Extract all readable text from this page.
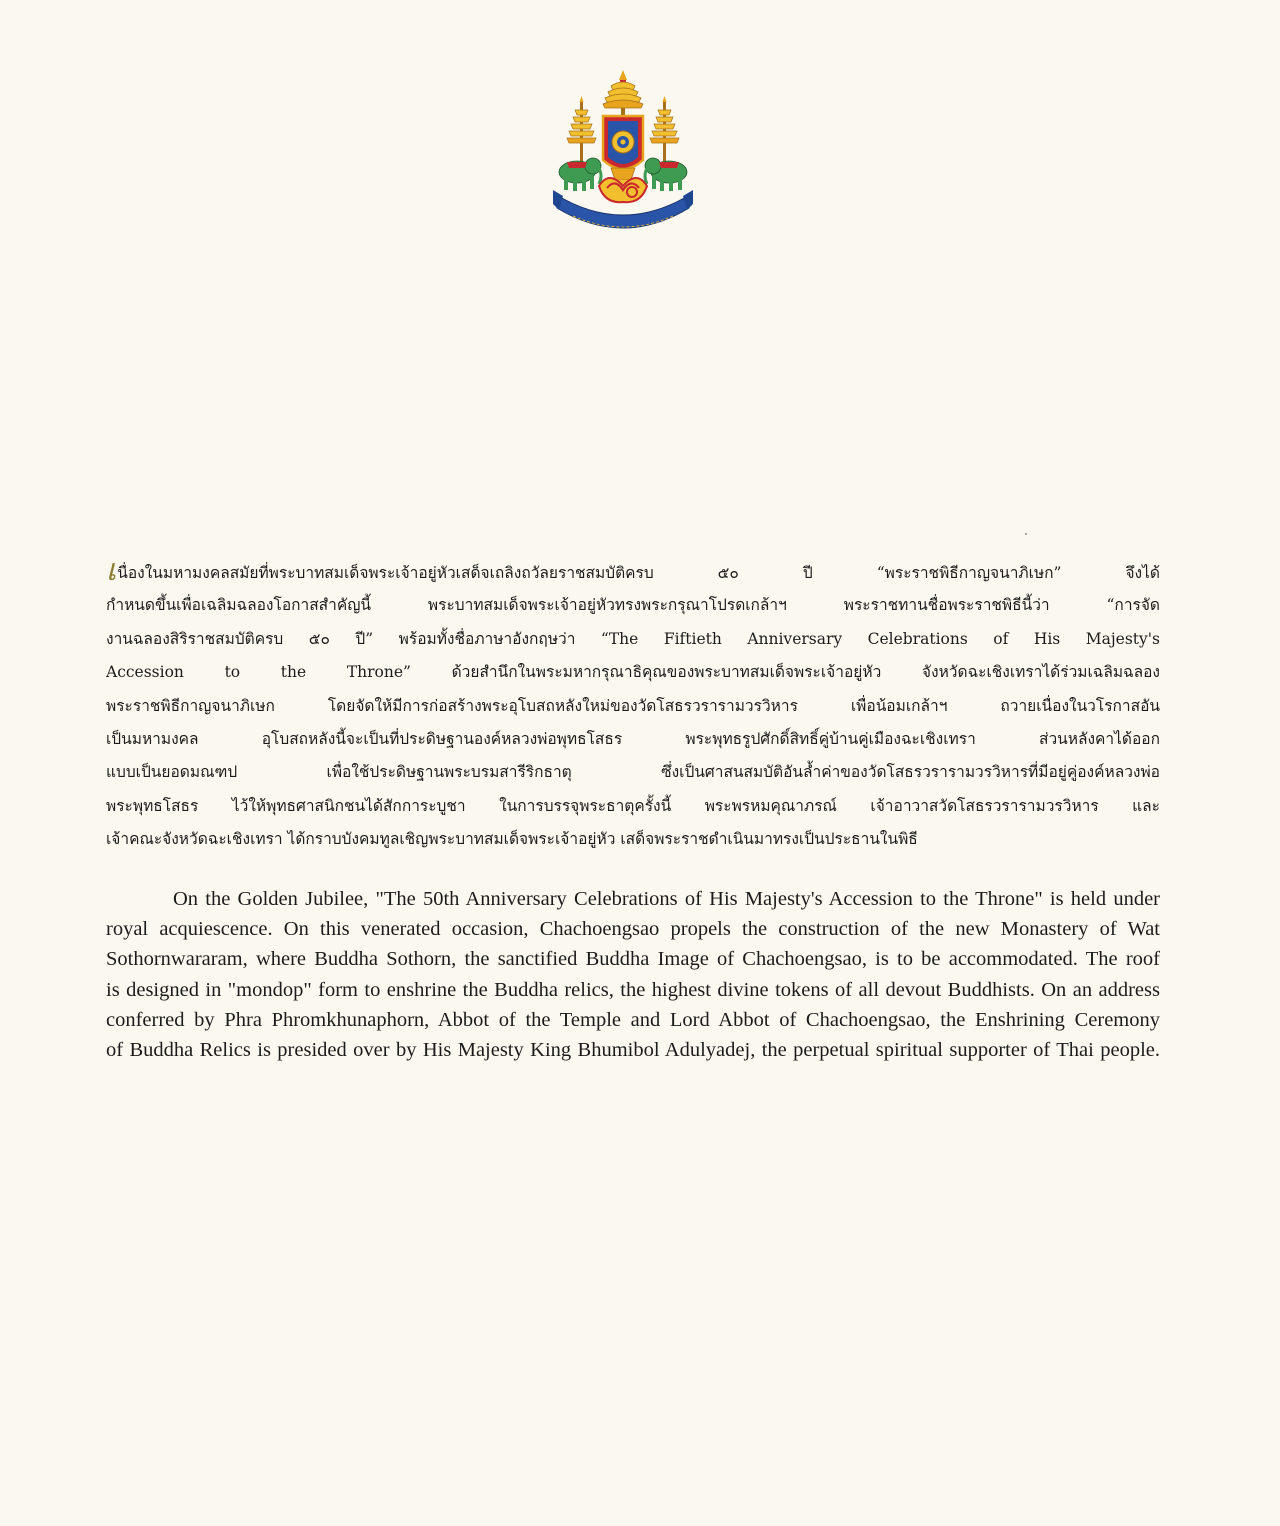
เนื่องในมหามงคลสมัยที่พระบาทสมเด็จพระเจ้าอยู่หัวเสด็จเถลิงถวัลยราชสมบัติครบ ๕๐ ปี “พระราชพิธีกาญจนาภิเษก” จึงได้
กำหนดขึ้นเพื่อเฉลิมฉลองโอกาสสำคัญนี้ พระบาทสมเด็จพระเจ้าอยู่หัวทรงพระกรุณาโปรดเกล้าฯ พระราชทานชื่อพระราชพิธีนี้ว่า “การจัด
งานฉลองสิริราชสมบัติครบ ๕๐ ปี” พร้อมทั้งชื่อภาษาอังกฤษว่า “The Fiftieth Anniversary Celebrations of His Majesty's
Accession to the Throne” ด้วยสำนึกในพระมหากรุณาธิคุณของพระบาทสมเด็จพระเจ้าอยู่หัว จังหวัดฉะเชิงเทราได้ร่วมเฉลิมฉลอง
พระราชพิธีกาญจนาภิเษก โดยจัดให้มีการก่อสร้างพระอุโบสถหลังใหม่ของวัดโสธรวรารามวรวิหาร เพื่อน้อมเกล้าฯ ถวายเนื่องในวโรกาสอัน
เป็นมหามงคล อุโบสถหลังนี้จะเป็นที่ประดิษฐานองค์หลวงพ่อพุทธโสธร พระพุทธรูปศักดิ์สิทธิ์คู่บ้านคู่เมืองฉะเชิงเทรา ส่วนหลังคาได้ออก
แบบเป็นยอดมณฑป เพื่อใช้ประดิษฐานพระบรมสารีริกธาตุ ซึ่งเป็นศาสนสมบัติอันล้ำค่าของวัดโสธรวรารามวรวิหารที่มีอยู่คู่องค์หลวงพ่อ
พระพุทธโสธร ไว้ให้พุทธศาสนิกชนได้สักการะบูชา ในการบรรจุพระธาตุครั้งนี้ พระพรหมคุณาภรณ์ เจ้าอาวาสวัดโสธรวรารามวรวิหาร และ
เจ้าคณะจังหวัดฉะเชิงเทรา ได้กราบบังคมทูลเชิญพระบาทสมเด็จพระเจ้าอยู่หัว เสด็จพระราชดำเนินมาทรงเป็นประธานในพิธี
On the Golden Jubilee, "The 50th Anniversary Celebrations of His Majesty's Accession to the Throne" is held under
royal acquiescence. On this venerated occasion, Chachoengsao propels the construction of the new Monastery of Wat
Sothornwararam, where Buddha Sothorn, the sanctified Buddha Image of Chachoengsao, is to be accommodated. The roof
is designed in "mondop" form to enshrine the Buddha relics, the highest divine tokens of all devout Buddhists. On an address
conferred by Phra Phromkhunaphorn, Abbot of the Temple and Lord Abbot of Chachoengsao, the Enshrining Ceremony
of Buddha Relics is presided over by His Majesty King Bhumibol Adulyadej, the perpetual spiritual supporter of Thai people.
